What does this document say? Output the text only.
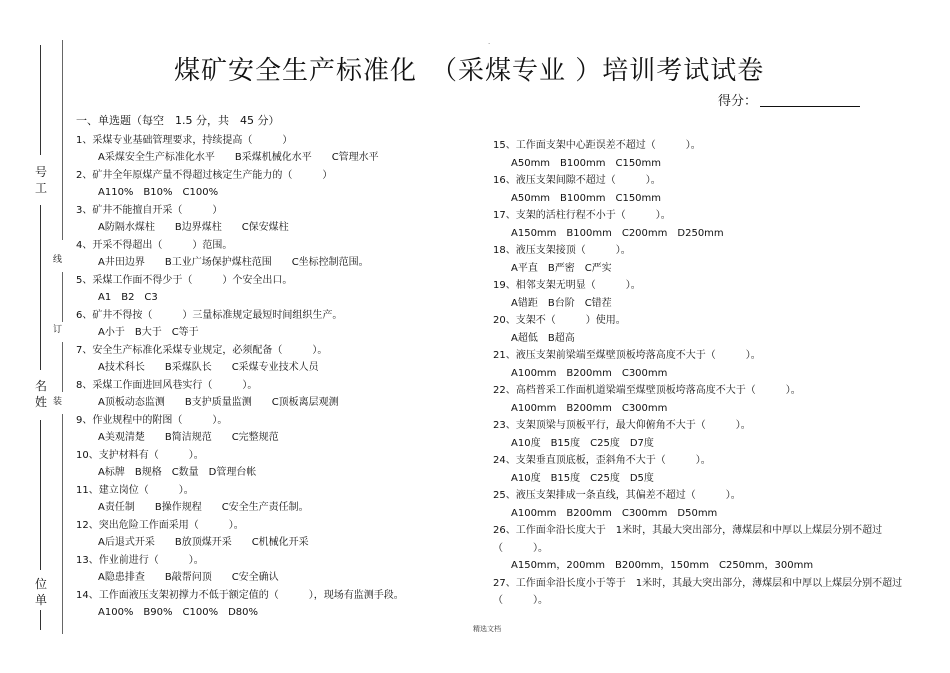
.
煤矿安全生产标准化　（采煤专业 ）培训考试试卷
得分：
号工
名姓
位单
线
订
装
一、单选题（每空　1.5 分，共　45 分）
1、采煤专业基础管理要求，持续提高（　　　）
A采煤安全生产标准化水平　　B采煤机械化水平　　C管理水平
2、矿井全年原煤产量不得超过核定生产能力的（　　　）
A110%　B10%　C100%
3、矿井不能擅自开采（　　　）
A防隔水煤柱　　B边界煤柱　　C保安煤柱
4、开采不得超出（　　　）范围。
A井田边界　　B工业广场保护煤柱范围　　C坐标控制范围。
5、采煤工作面不得少于（　　　）个安全出口。
A1　B2　C3
6、矿井不得按（　　　）三量标准规定最短时间组织生产。
A小于　B大于　C等于
7、安全生产标准化采煤专业规定，必须配备（　　　）。
A技术科长　　B采煤队长　　C采煤专业技术人员
8、采煤工作面进回风巷实行（　　　）。
A顶板动态监测　　B支护质量监测　　C顶板离层观测
9、作业规程中的附图（　　　）。
A美观清楚　　B简洁规范　　C完整规范
10、支护材料有（　　　）。
A标牌　B规格　C数量　D管理台帐
11、建立岗位（　　　）。
A责任制　　B操作规程　　C安全生产责任制。
12、突出危险工作面采用（　　　）。
A后退式开采　　B放顶煤开采　　C机械化开采
13、作业前进行（　　　）。
A隐患排查　　B敲帮问顶　　C安全确认
14、工作面液压支架初撑力不低于额定值的（　　　），现场有监测手段。
A100%　B90%　C100%　D80%
15、工作面支架中心距误差不超过（　　　）。
A50mm　B100mm　C150mm
16、液压支架间隙不超过（　　　）。
A50mm　B100mm　C150mm
17、支架的活柱行程不小于（　　　）。
A150mm　B100mm　C200mm　D250mm
18、液压支架接顶（　　　）。
A平直　B严密　C严实
19、相邻支架无明显（　　　）。
A错距　B台阶　C错茬
20、支架不（　　　）使用。
A超低　B超高
21、液压支架前梁端至煤壁顶板垮落高度不大于（　　　）。
A100mm　B200mm　C300mm
22、高档普采工作面机道梁端至煤壁顶板垮落高度不大于（　　　）。
A100mm　B200mm　C300mm
23、支架顶梁与顶板平行，最大仰俯角不大于（　　　）。
A10度　B15度　C25度　D7度
24、支架垂直顶底板，歪斜角不大于（　　　）。
A10度　B15度　C25度　D5度
25、液压支架排成一条直线，其偏差不超过（　　　）。
A100mm　B200mm　C300mm　D50mm
26、工作面伞沿长度大于　1米时，其最大突出部分，薄煤层和中厚以上煤层分别不超过（　　　）。
A150mm，200mm　B200mm，150mm　C250mm，300mm
27、工作面伞沿长度小于等于　1米时，其最大突出部分，薄煤层和中厚以上煤层分别不超过（　　　）。
精选文档
